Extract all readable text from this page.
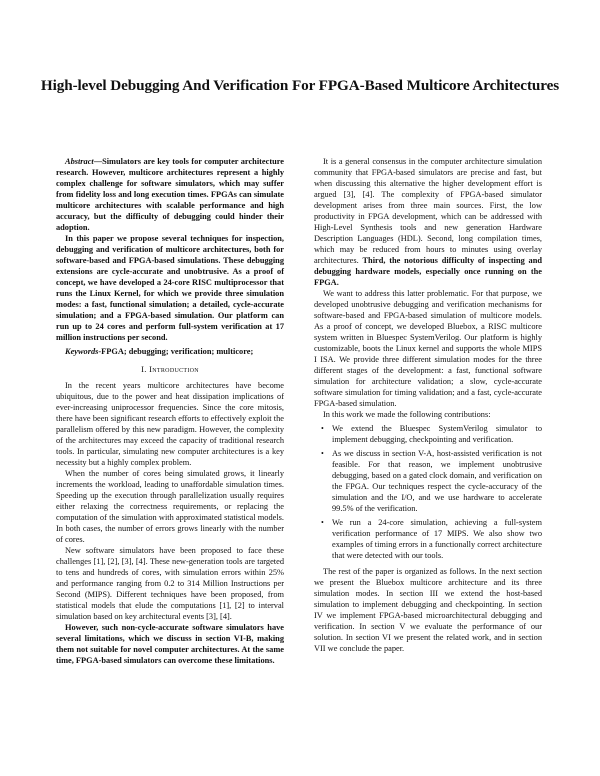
High-level Debugging And Verification For FPGA-Based Multicore Architectures

Abstract—Simulators are key tools for computer architecture research. However, multicore architectures represent a highly complex challenge for software simulators, which may suffer from fidelity loss and long execution times. FPGAs can simulate multicore architectures with scalable performance and high accuracy, but the difficulty of debugging could hinder their adoption.

In this paper we propose several techniques for inspection, debugging and verification of multicore architectures, both for software-based and FPGA-based simulations. These debugging extensions are cycle-accurate and unobtrusive. As a proof of concept, we have developed a 24-core RISC multiprocessor that runs the Linux Kernel, for which we provide three simulation modes: a fast, functional simulation; a detailed, cycle-accurate simulation; and a FPGA-based simulation. Our platform can run up to 24 cores and perform full-system verification at 17 million instructions per second.

Keywords-FPGA; debugging; verification; multicore;

I. Introduction

In the recent years multicore architectures have become ubiquitous, due to the power and heat dissipation implications of ever-increasing uniprocessor frequencies. Since the core mitosis, there have been significant research efforts to effectively exploit the parallelism offered by this new paradigm. However, the complexity of the architectures may exceed the capacity of traditional research tools. In particular, simulating new computer architectures is a key necessity but a highly complex problem.

When the number of cores being simulated grows, it linearly increments the workload, leading to unaffordable simulation times. Speeding up the execution through parallelization usually requires either relaxing the correctness requirements, or replacing the computation of the simulation with approximated statistical models. In both cases, the number of errors grows linearly with the number of cores.

New software simulators have been proposed to face these challenges [1], [2], [3], [4]. These new-generation tools are targeted to tens and hundreds of cores, with simulation errors within 25% and performance ranging from 0.2 to 314 Million Instructions per Second (MIPS). Different techniques have been proposed, from statistical models that elude the computations [1], [2] to interval simulation based on key architectural events [3], [4].

However, such non-cycle-accurate software simulators have several limitations, which we discuss in section VI-B, making them not suitable for novel computer architectures. At the same time, FPGA-based simulators can overcome these limitations.

It is a general consensus in the computer architecture simulation community that FPGA-based simulators are precise and fast, but when discussing this alternative the higher development effort is argued [3], [4]. The complexity of FPGA-based simulator development arises from three main sources. First, the low productivity in FPGA development, which can be addressed with High-Level Synthesis tools and new generation Hardware Description Languages (HDL). Second, long compilation times, which may be reduced from hours to minutes using overlay architectures. Third, the notorious difficulty of inspecting and debugging hardware models, especially once running on the FPGA.

We want to address this latter problematic. For that purpose, we developed unobtrusive debugging and verification mechanisms for software-based and FPGA-based simulation of multicore models. As a proof of concept, we developed Bluebox, a RISC multicore system written in Bluespec SystemVerilog. Our platform is highly customizable, boots the Linux kernel and supports the whole MIPS I ISA. We provide three different simulation modes for the three different stages of the development: a fast, functional software simulation for architecture validation; a slow, cycle-accurate software simulation for timing validation; and a fast, cycle-accurate FPGA-based simulation.

In this work we made the following contributions:

• We extend the Bluespec SystemVerilog simulator to implement debugging, checkpointing and verification.
• As we discuss in section V-A, host-assisted verification is not feasible. For that reason, we implement unobtrusive debugging, based on a gated clock domain, and verification on the FPGA. Our techniques respect the cycle-accuracy of the simulation and the I/O, and we use hardware to accelerate 99.5% of the verification.
• We run a 24-core simulation, achieving a full-system verification performance of 17 MIPS. We also show two examples of timing errors in a functionally correct architecture that were detected with our tools.

The rest of the paper is organized as follows. In the next section we present the Bluebox multicore architecture and its three simulation modes. In section III we extend the host-based simulation to implement debugging and checkpointing. In section IV we implement FPGA-based microarchitectural debugging and verification. In section V we evaluate the performance of our solution. In section VI we present the related work, and in section VII we conclude the paper.
